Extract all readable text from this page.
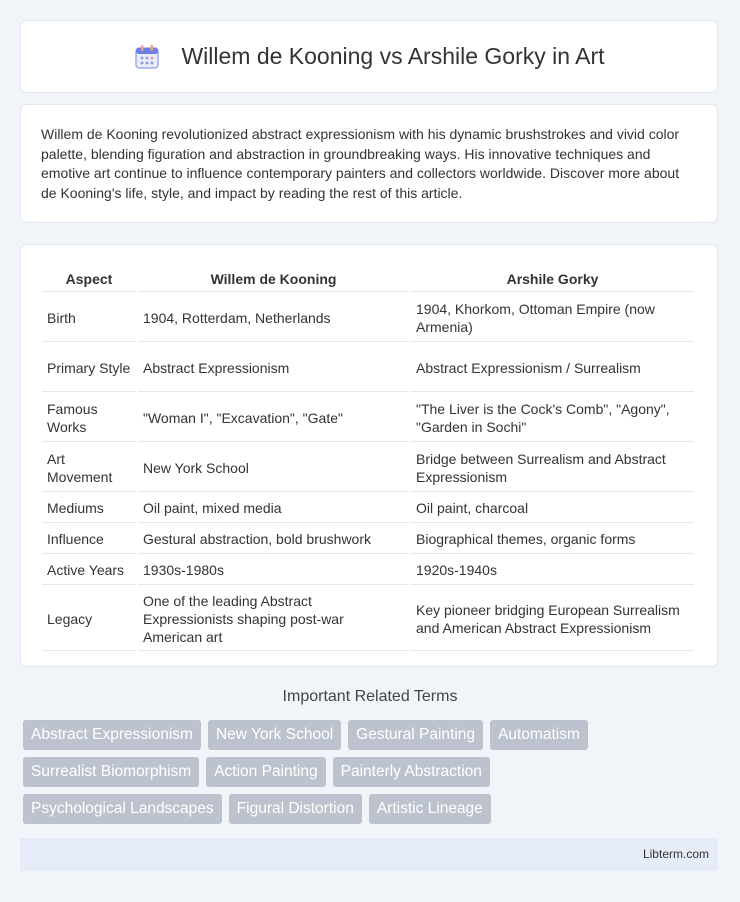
Willem de Kooning vs Arshile Gorky in Art

Willem de Kooning revolutionized abstract expressionism with his dynamic brushstrokes and vivid color palette, blending figuration and abstraction in groundbreaking ways. His innovative techniques and emotive art continue to influence contemporary painters and collectors worldwide. Discover more about de Kooning's life, style, and impact by reading the rest of this article.

Aspect	Willem de Kooning	Arshile Gorky
Birth	1904, Rotterdam, Netherlands	1904, Khorkom, Ottoman Empire (now Armenia)
Primary Style	Abstract Expressionism	Abstract Expressionism / Surrealism
Famous Works	"Woman I", "Excavation", "Gate"	"The Liver is the Cock's Comb", "Agony", "Garden in Sochi"
Art Movement	New York School	Bridge between Surrealism and Abstract Expressionism
Mediums	Oil paint, mixed media	Oil paint, charcoal
Influence	Gestural abstraction, bold brushwork	Biographical themes, organic forms
Active Years	1930s-1980s	1920s-1940s
Legacy	One of the leading Abstract Expressionists shaping post-war American art	Key pioneer bridging European Surrealism and American Abstract Expressionism
Important Related Terms
Abstract Expressionism	New York School	Gestural Painting	Automatism
Surrealist Biomorphism	Action Painting	Painterly Abstraction
Psychological Landscapes	Figural Distortion	Artistic Lineage
Libterm.com
